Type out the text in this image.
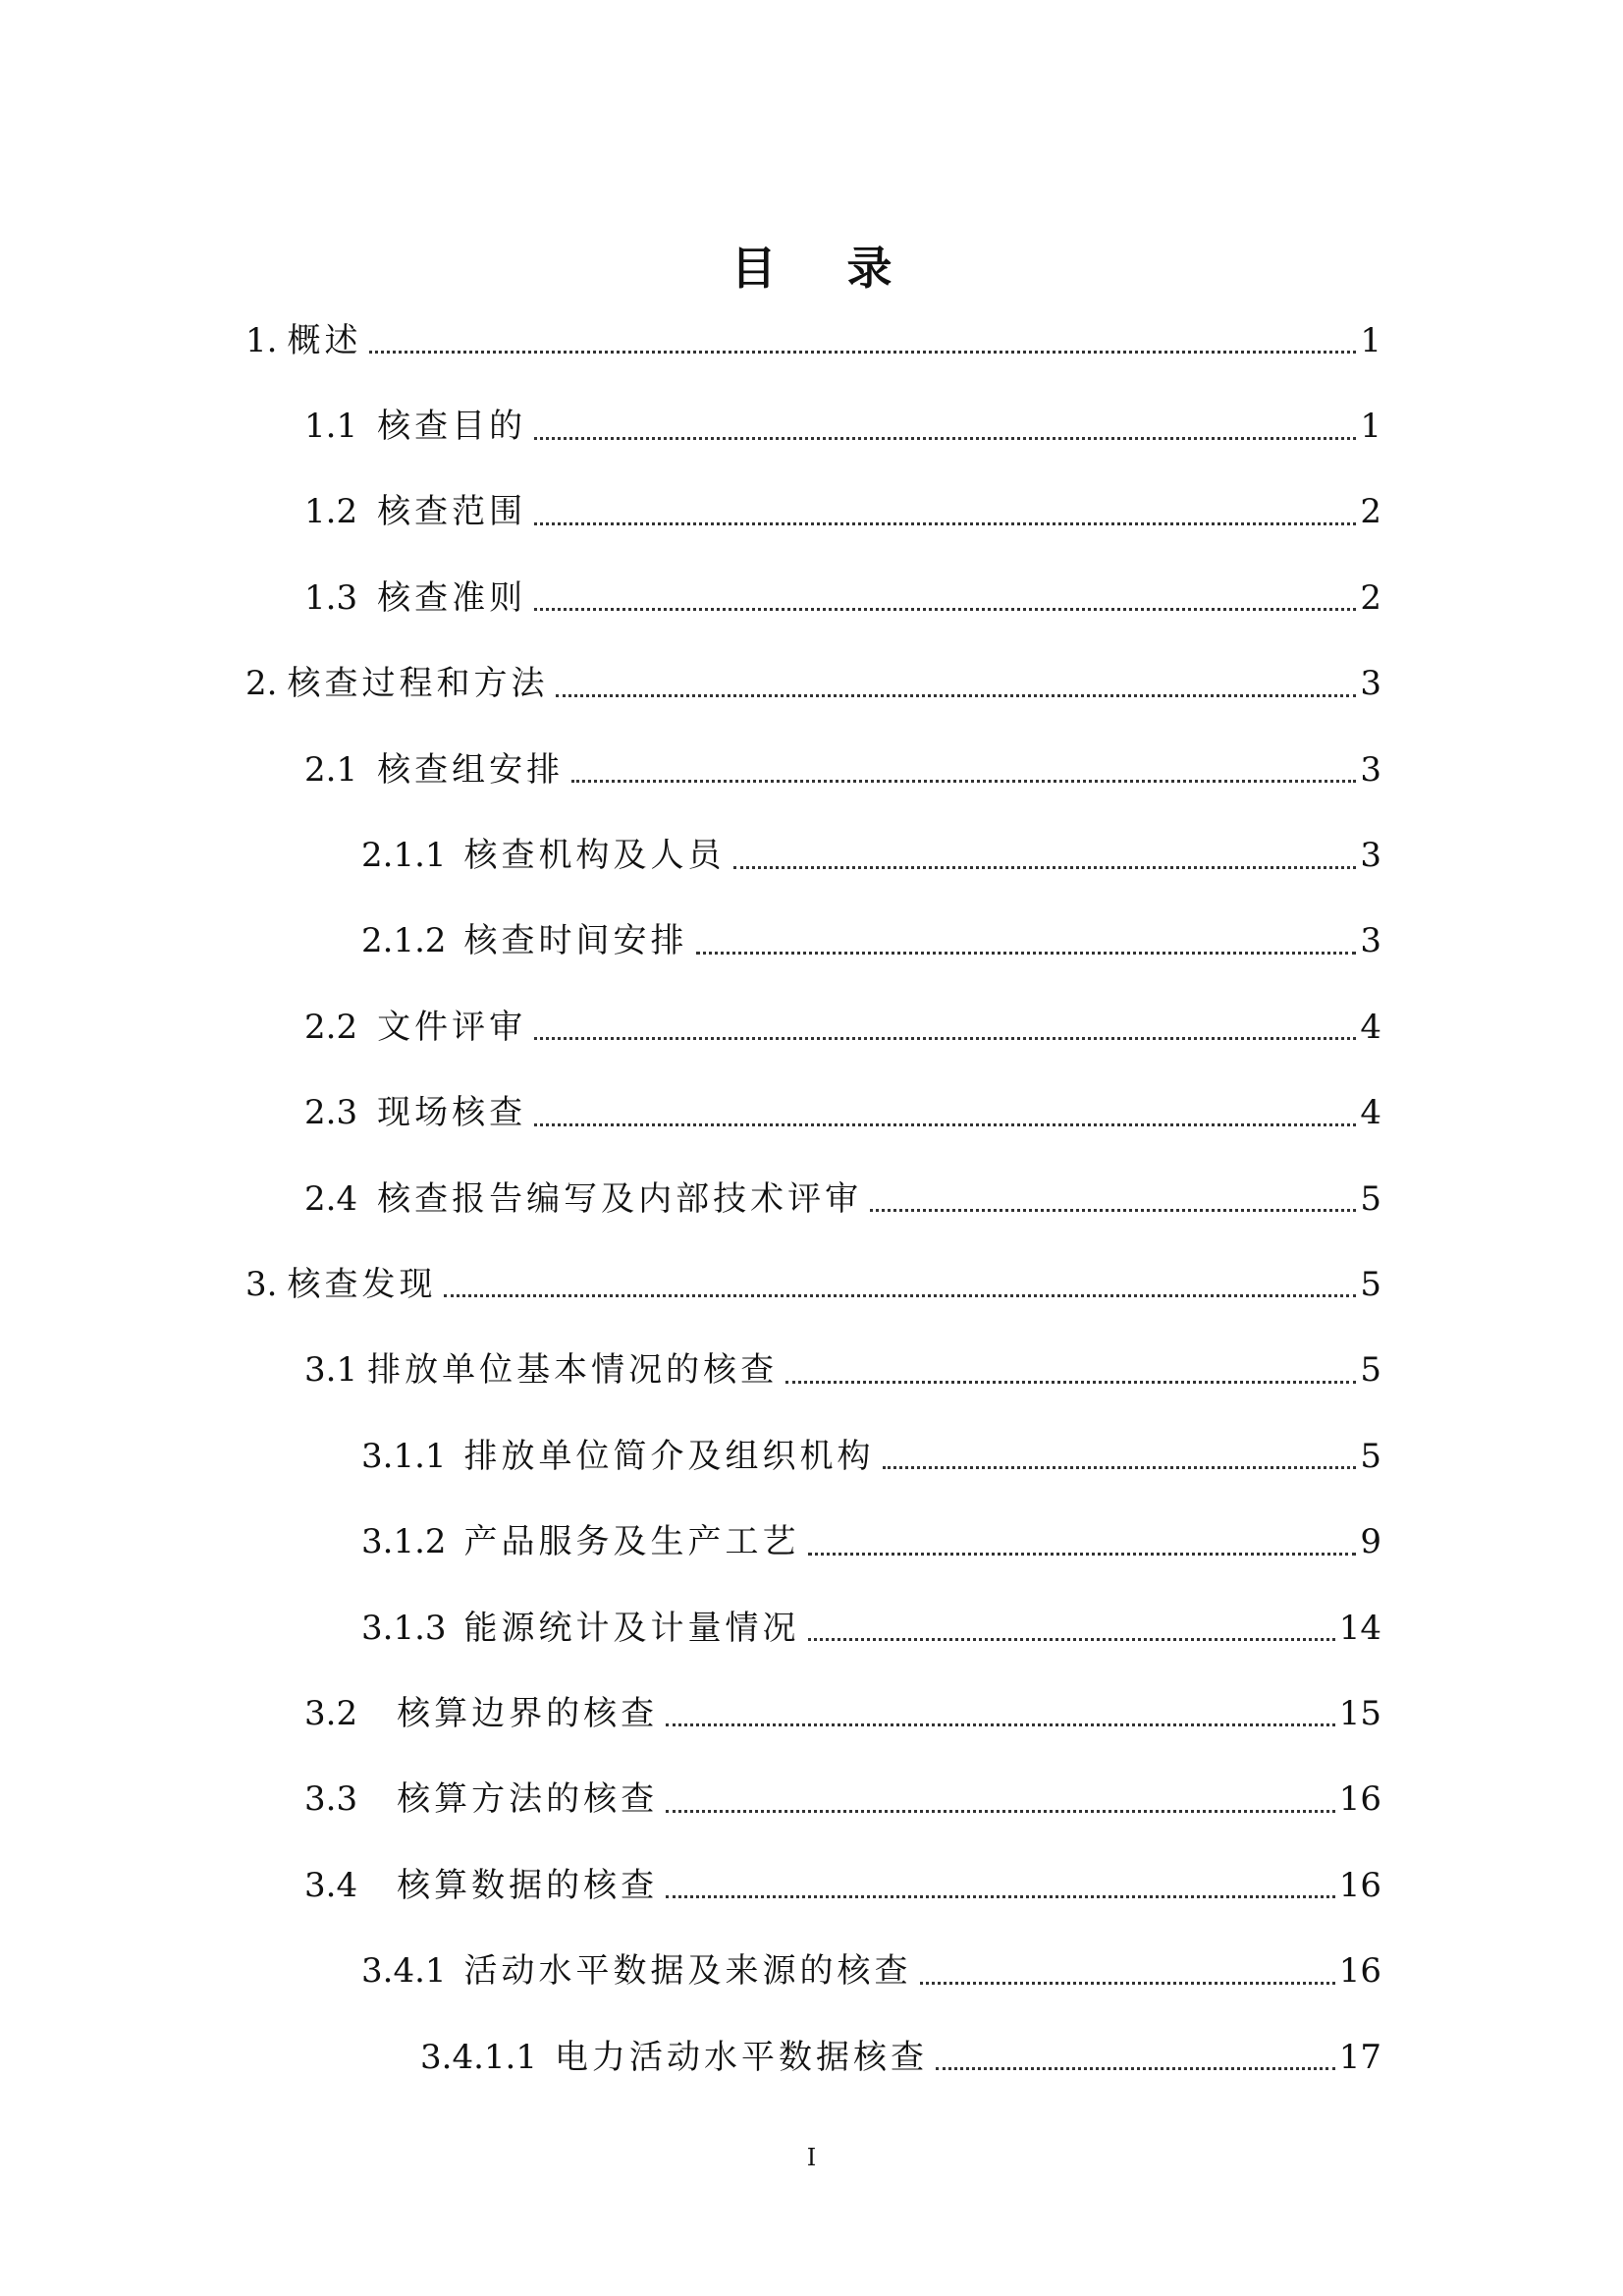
目 录
1. 概述	1
1.1 核查目的	1
1.2 核查范围	2
1.3 核查准则	2
2. 核查过程和方法	3
2.1 核查组安排	3
2.1.1 核查机构及人员	3
2.1.2 核查时间安排	3
2.2 文件评审	4
2.3 现场核查	4
2.4 核查报告编写及内部技术评审	5
3. 核查发现	5
3.1 排放单位基本情况的核查	5
3.1.1 排放单位简介及组织机构	5
3.1.2 产品服务及生产工艺	9
3.1.3 能源统计及计量情况	14
3.2 核算边界的核查	15
3.3 核算方法的核查	16
3.4 核算数据的核查	16
3.4.1 活动水平数据及来源的核查	16
3.4.1.1 电力活动水平数据核查	17
I
